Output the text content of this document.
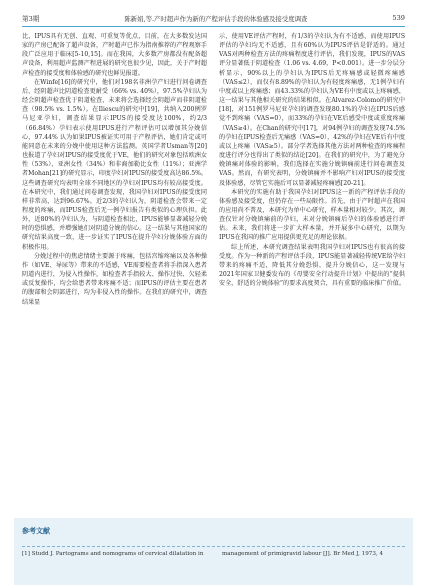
第3期	陈新娟,等.产时超声作为新的产程评估手段的体验感及接受度调查	539

比，IPUS具有无创、直观、可重复等优点，目前，在大多数发达国家的产房已配备了超声设备，产时超声已作为指南推荐的产程观察手段广泛应用于临床[5-10,15]。而在我国，大多数产房都没有配备超声设备，利用超声监测产程进展的研究也很少见，因此，关于产时超声检查的接受度和体验感的研究也鲜见报道。

在Winfe[16]的研究中，他们对198名非洲孕产妇进行问卷调查后，经阴超声比阴道检查更耐受（66% vs. 40%），97.5%孕妇认为经会阴超声检查优于阴道检查，未来将会选择经会阴超声而非阴道检查（98.5% vs. 1.5%）。在Iliescu的研究中[19]，共纳入200例罗马尼亚孕妇，调查结果显示IPUS的接受度达100%，约2/3（66.84%）孕妇表示使用IPUS进行产程评估可以增加其分娩信心，97.44% 认为如果IPUS被证实可用于产程评估，她们肯定或可能同意在未来的分娩中使用这种方法监测。英国学者Usman等[20]也报道了孕妇对IPUS的接受度优于VE，他们的研究对象包括欧洲女性（53%）、亚洲女性（34%）和非裔加勒比女性（11%）；亚洲学者Mohan[21]的研究显示，印度孕妇对IPUS的接受度高达86.5%。这些调查研究均表明全球不同地区的孕妇对IPUS均有较高接受度。在本研究中，我们通过问卷调查发现，我国孕妇对IPUS的接受度同样非常高，达到96.67%。近2/3的孕妇认为，阴道检查会带来一定程度的疼痛，而IPUS检查后无一例孕妇报告有类似的心理负担。此外，近80%的孕妇认为，与阴道检查相比，IPUS能够显著减轻分娩时的恐惧感，并增强她们对阴道分娩的信心。这一结果与其他国家的研究结果高度一致，进一步证实了IPUS在提升孕妇分娩体验方面的积极作用。

分娩过程中的焦虑情绪主要源于疼痛，包括宫缩疼痛以及各种操作（如VE、导尿等）带来的不适感，VE需要检查者将手指深入患者阴道内进行，为侵入性操作，如检查者手指较大、操作过快、欠轻柔或反复操作，均会给患者带来疼痛不适；而IPUS的评估主要在患者的腹部和会阴部进行，均为非侵入性的操作。在我们的研究中，调查结果显

示，使用VE评估产程时，有1/3的孕妇认为有不适感，而使用IPUS评估的孕妇均无不适感，且有60%认为IPUS评估是舒适的。通过VAS对两种检查方法的疼痛程度进行评估，我们发现，IPUS的VAS评分显著低于阴道检查（1.06 vs. 4.69，P<0.001）。进一步分层分析显示，90%以上的孕妇认为IPUS后无疼痛感或轻微疼痛感（VAS≤2），而仅有8.89%的孕妇认为有轻度疼痛感，无1例孕妇有中度或以上疼痛感；而43.33%的孕妇认为VE有中度或以上疼痛感，这一结果与其他相关研究的结果相似。在Alvarez-Colomo的研究中[18]，对151例罗马尼亚孕妇的调查发现80.1%的孕妇在IPUS后感觉不到疼痛（VAS=0），而33%的孕妇在VE后感受中度或重度疼痛（VAS≥4）。在Chan的研究中[17]，对94例孕妇的调查发现74.5%的孕妇在IPUS检查后无痛感（VAS=0），42%的孕妇在VE后有中度或以上疼痛（VAS≥5）。部分学者选择其他方法对两种检查的疼痛程度进行评分也得出了类似的结论[20]。在我们的研究中，为了避免分娩镇痛对体验的影响，我们选择在实施分娩镇痛前进行问卷调查及VAS。然而，有研究表明，分娩镇痛并不影响产妇对IPUS的接受度及体验感，尽管它实施后可以显著减轻疼痛感[20-21]。

本研究的实施有助于我国孕妇对IPUS这一新的产程评估手段的体验感及接受度，但仍存在一些局限性。首先，由于产时超声在我国的应用尚不普及，本研究为单中心研究，样本量相对较少。其次，调查仅针对分娩镇痛前的孕妇，未对分娩镇痛后孕妇的体验感进行评估。未来，我们将进一步扩大样本量，并开展多中心研究，以期为IPUS在我国的推广应用提供更充足的理论依据。

综上所述，本研究调查结果表明我国孕妇对IPUS也有很高的接受度。作为一种新的产程评估手段，IPUS能显著减轻传统VE给孕妇带来的疼痛不适，降低其分娩恐惧，提升分娩信心，这一发现与2021年国家卫健委发布的《母婴安全行动提升计划》中提出的“提供安全、舒适的分娩体验”的要求高度契合，具有重要的临床推广价值。

参考文献
[1] Studd J. Partograms and nomograms of cervical dilatation in	management of primigravid labour [J]. Br Med J, 1973, 4
